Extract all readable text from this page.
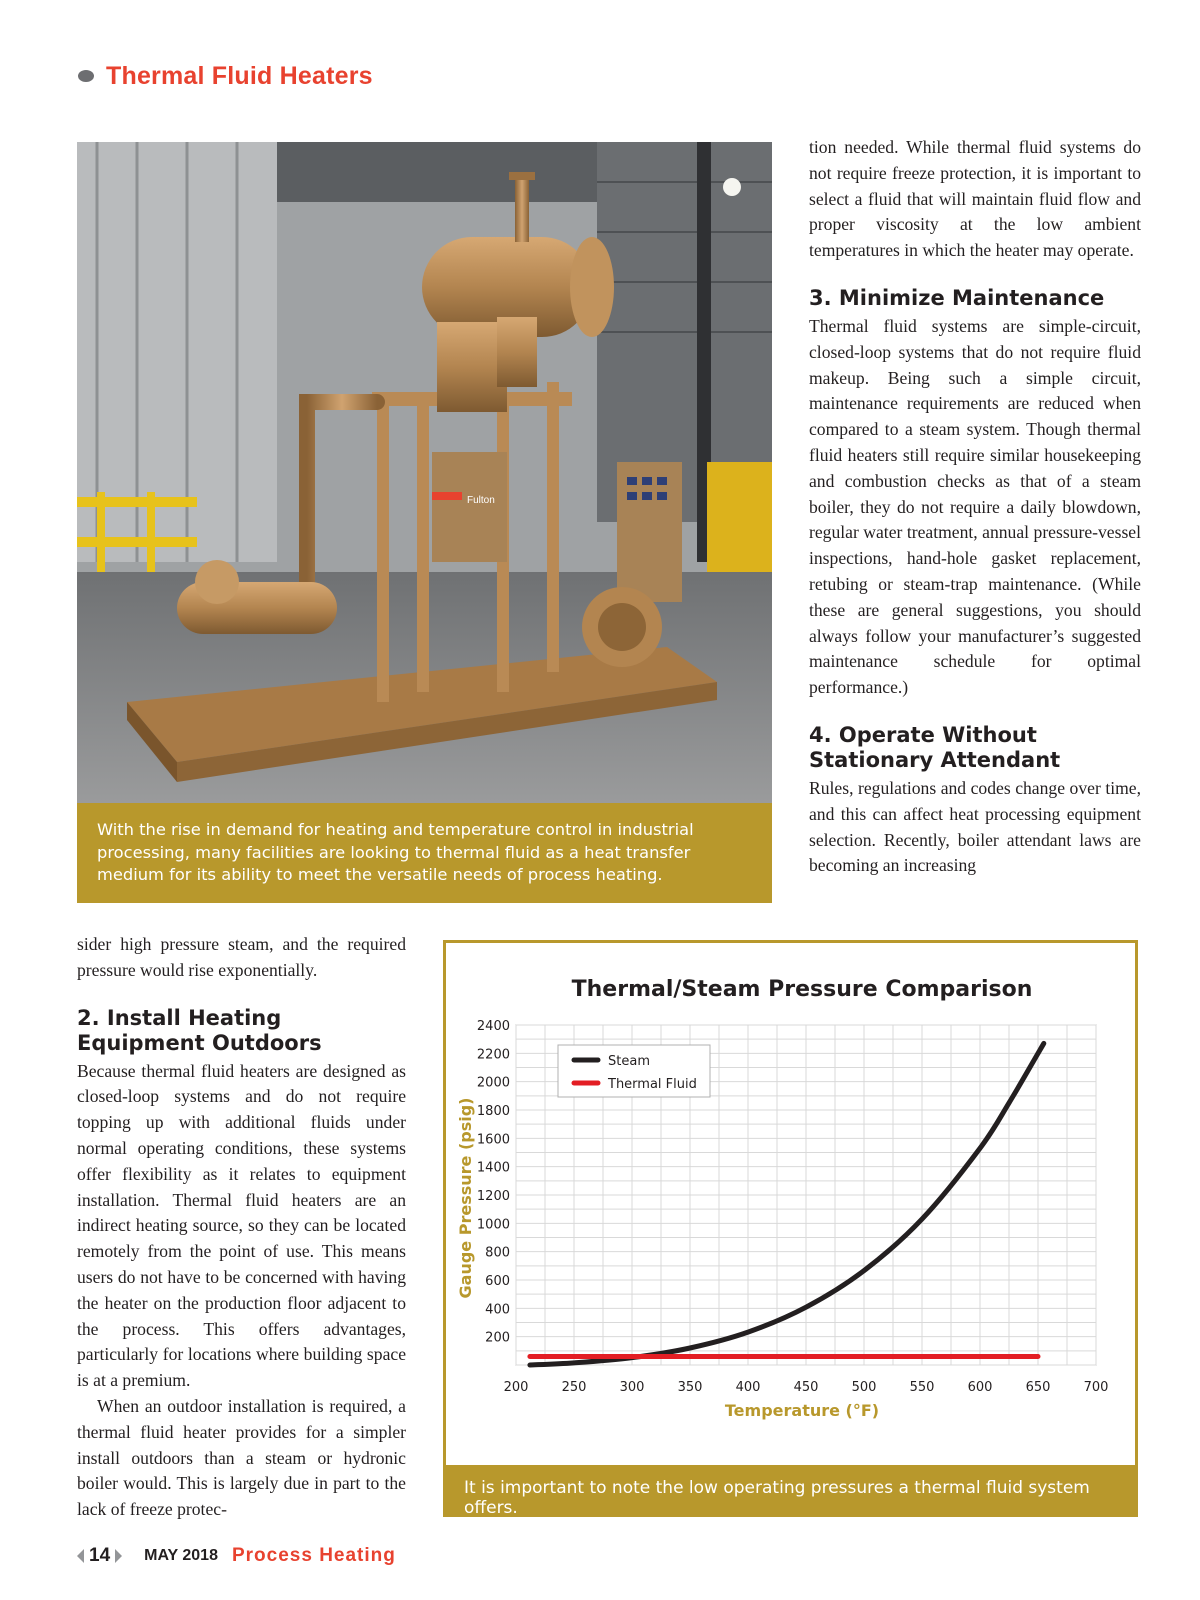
Thermal Fluid Heaters
Fulton
With the rise in demand for heating and temperature control in industrial processing, many facilities are looking to thermal fluid as a heat transfer medium for its ability to meet the versatile needs of process heating.

tion needed. While thermal fluid systems do not require freeze protection, it is important to select a fluid that will maintain fluid flow and proper viscosity at the low ambient temperatures in which the heater may operate.

3. Minimize Maintenance

Thermal fluid systems are simple-circuit, closed-loop systems that do not require fluid makeup. Being such a simple circuit, maintenance requirements are reduced when compared to a steam system. Though thermal fluid heaters still require similar housekeeping and combustion checks as that of a steam boiler, they do not require a daily blowdown, regular water treatment, annual pressure-vessel inspections, hand-hole gasket replacement, retubing or steam-trap maintenance. (While these are general suggestions, you should always follow your manufacturer’s suggested maintenance schedule for optimal performance.)

4. Operate Without Stationary Attendant

Rules, regulations and codes change over time, and this can affect heat processing equipment selection. Recently, boiler attendant laws are becoming an increasing

sider high pressure steam, and the required pressure would rise exponentially.

2. Install Heating Equipment Outdoors

Because thermal fluid heaters are designed as closed-loop systems and do not require topping up with additional fluids under normal operating conditions, these systems offer flexibility as it relates to equipment installation. Thermal fluid heaters are an indirect heating source, so they can be located remotely from the point of use. This means users do not have to be concerned with having the heater on the production floor adjacent to the process. This offers advantages, particularly for locations where building space is at a premium.

When an outdoor installation is required, a thermal fluid heater provides for a simpler install outdoors than a steam or hydronic boiler would. This is largely due in part to the lack of freeze protec-

Thermal/Steam Pressure Comparison
200
400
600
800
1000
1200
1400
1600
1800
2000
2200
2400
200	250	300	350	400	450	500	550	600	650	700
Steam
Thermal Fluid
Temperature (°F)
Gauge Pressure (psig)
It is important to note the low operating pressures a thermal fluid system offers.
14 MAY 2018 Process Heating
